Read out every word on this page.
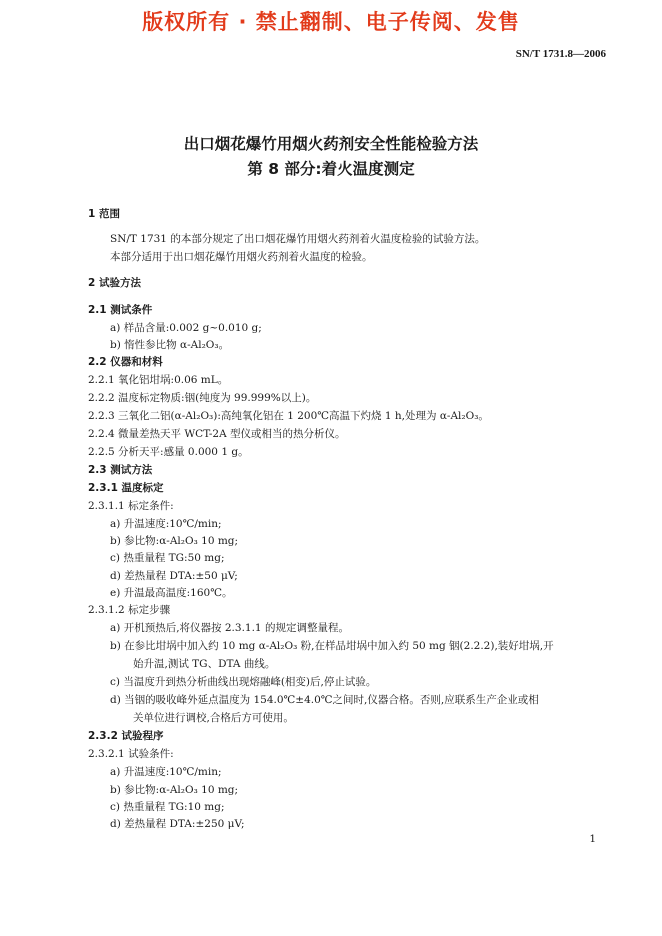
版权所有 · 禁止翻制、电子传阅、发售
SN/T 1731.8—2006
出口烟花爆竹用烟火药剂安全性能检验方法
第 8 部分:着火温度测定
1 范围
SN/T 1731 的本部分规定了出口烟花爆竹用烟火药剂着火温度检验的试验方法。
本部分适用于出口烟花爆竹用烟火药剂着火温度的检验。
2 试验方法
2.1 测试条件
a) 样品含量:0.002 g~0.010 g;
b) 惰性参比物 α-Al₂O₃。
2.2 仪器和材料
2.2.1 氧化铝坩埚:0.06 mL。
2.2.2 温度标定物质:铟(纯度为 99.999%以上)。
2.2.3 三氧化二铝(α-Al₂O₃):高纯氧化铝在 1 200℃高温下灼烧 1 h,处理为 α-Al₂O₃。
2.2.4 微量差热天平 WCT-2A 型仪或相当的热分析仪。
2.2.5 分析天平:感量 0.000 1 g。
2.3 测试方法
2.3.1 温度标定
2.3.1.1 标定条件:
a) 升温速度:10℃/min;
b) 参比物:α-Al₂O₃ 10 mg;
c) 热重量程 TG:50 mg;
d) 差热量程 DTA:±50 μV;
e) 升温最高温度:160℃。
2.3.1.2 标定步骤
a) 开机预热后,将仪器按 2.3.1.1 的规定调整量程。
b) 在参比坩埚中加入约 10 mg α-Al₂O₃ 粉,在样品坩埚中加入约 50 mg 铟(2.2.2),装好坩埚,开
始升温,测试 TG、DTA 曲线。
c) 当温度升到热分析曲线出现熔融峰(相变)后,停止试验。
d) 当铟的吸收峰外延点温度为 154.0℃±4.0℃之间时,仪器合格。否则,应联系生产企业或相
关单位进行调校,合格后方可使用。
2.3.2 试验程序
2.3.2.1 试验条件:
a) 升温速度:10℃/min;
b) 参比物:α-Al₂O₃ 10 mg;
c) 热重量程 TG:10 mg;
d) 差热量程 DTA:±250 μV;
1
